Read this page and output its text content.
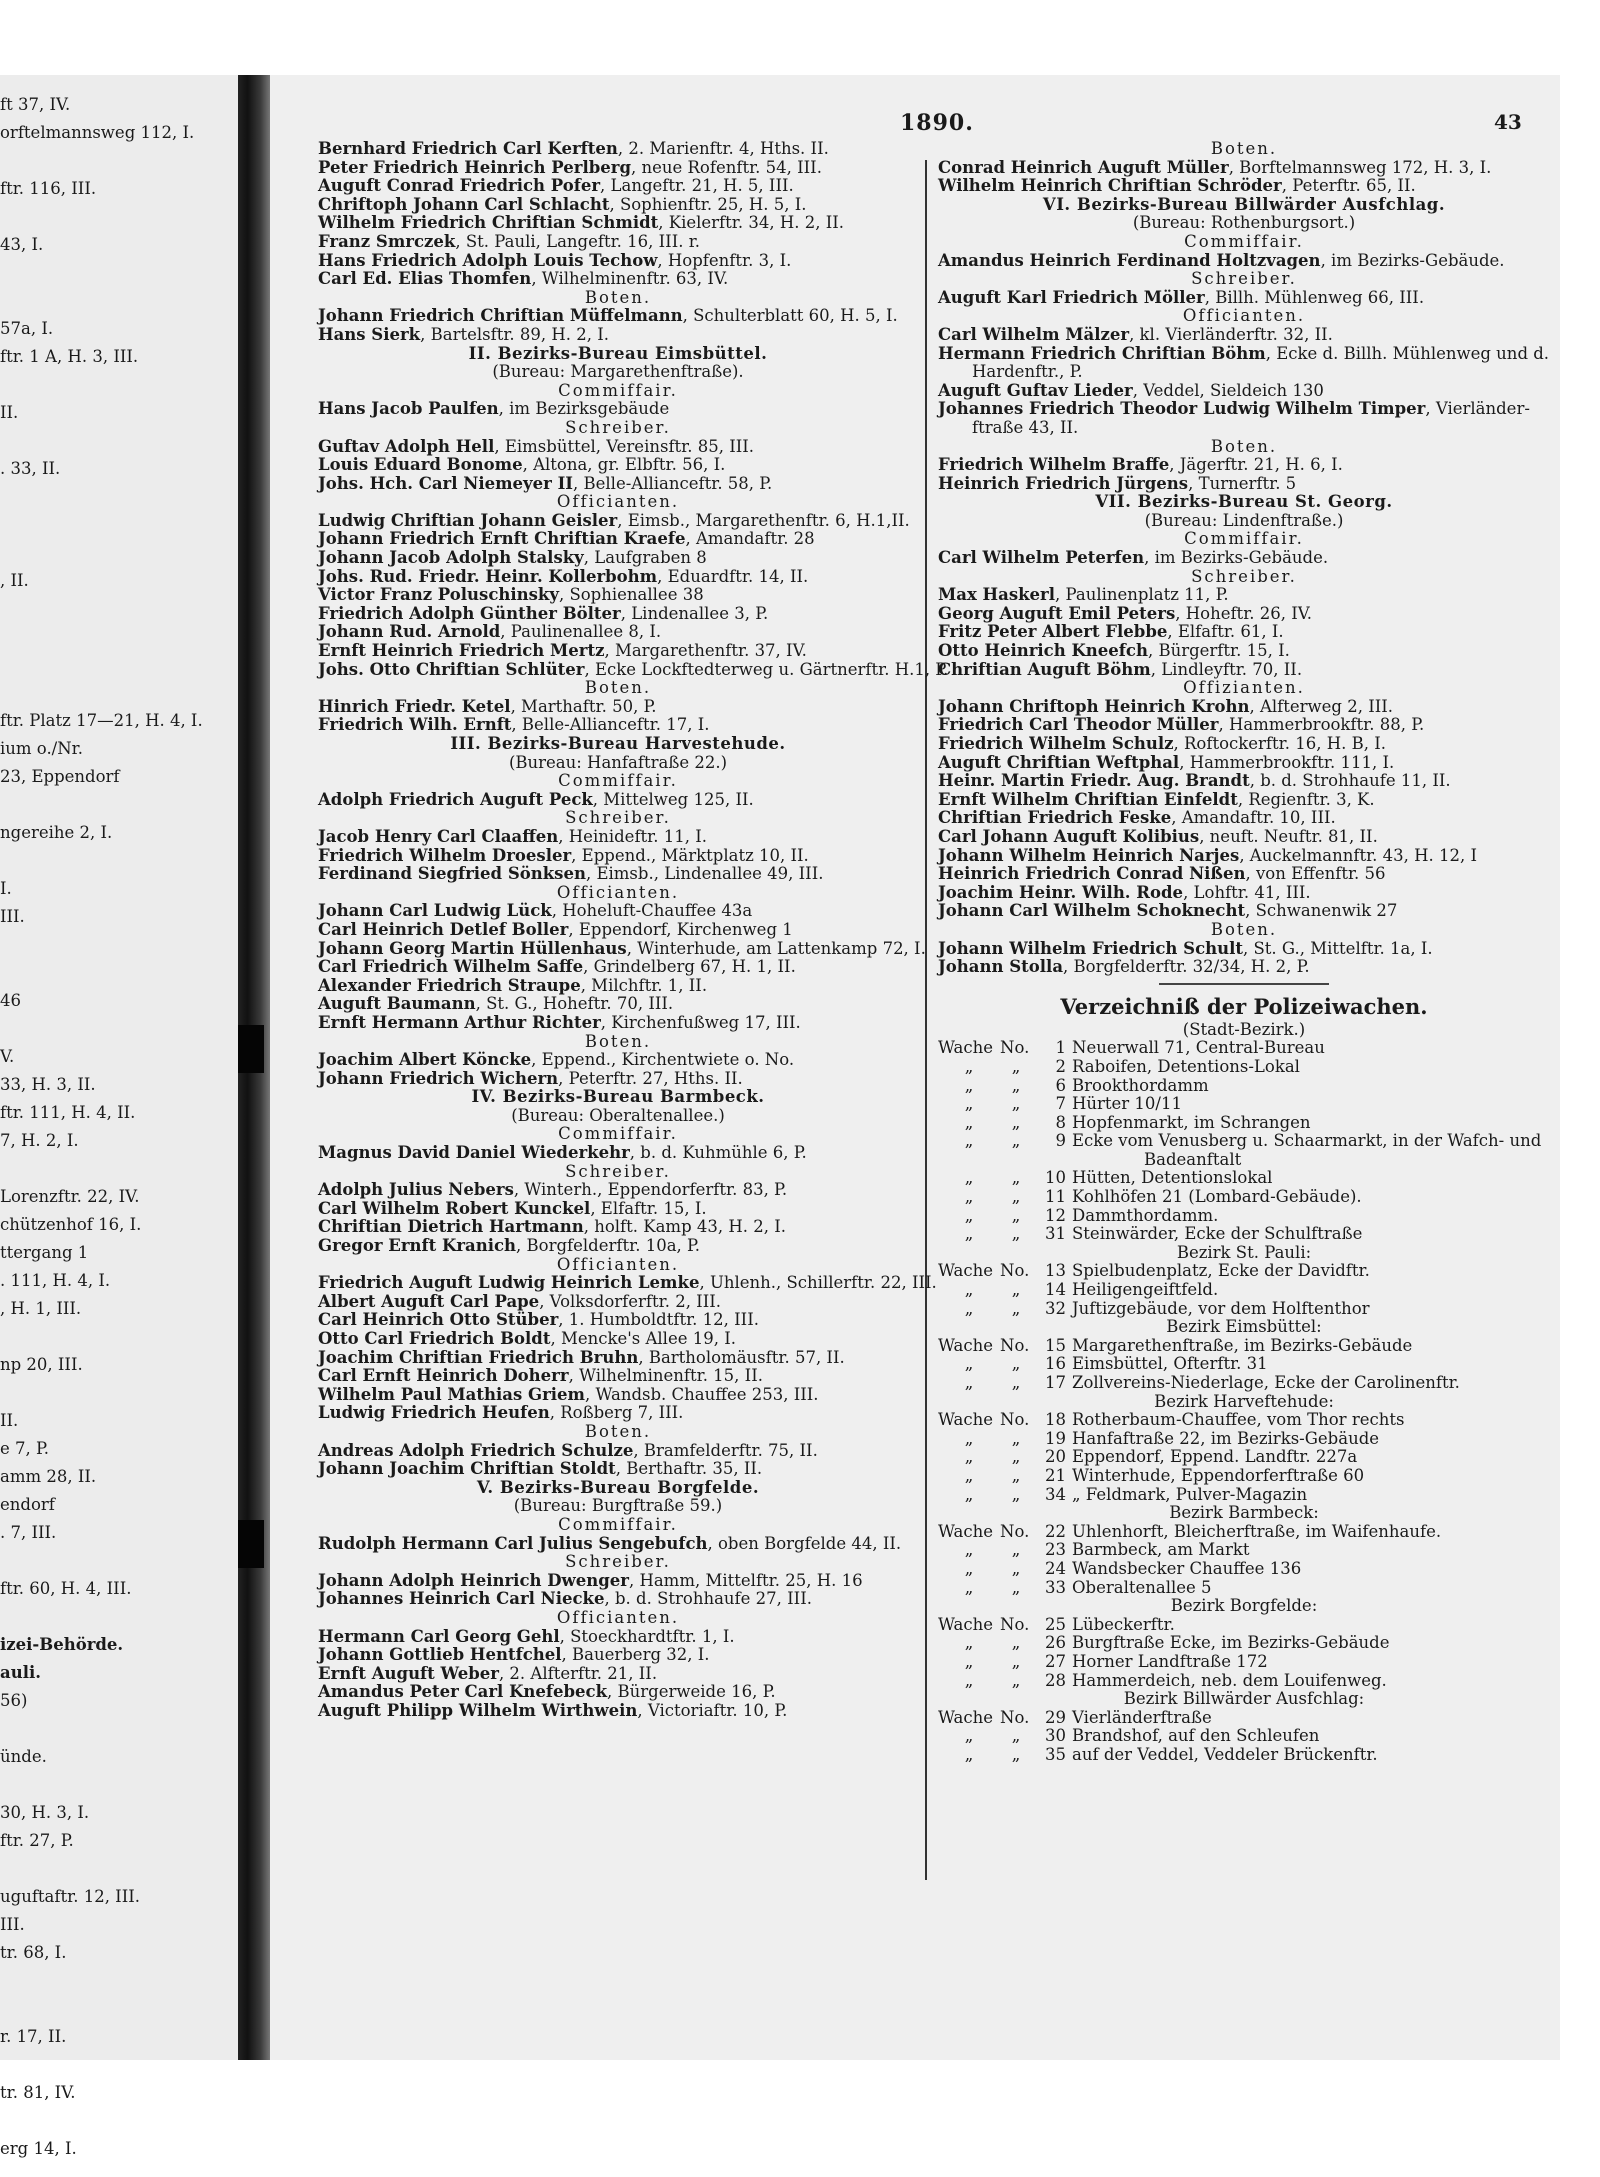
ft 37, IV.
orftelmannsweg 112, I.
ftr. 116, III.
43, I.
57a, I.
ftr. 1 A, H. 3, III.
II.
. 33, II.
, II.
ftr. Platz 17—21, H. 4, I.
ium o./Nr.
23, Eppendorf
ngereihe 2, I.
I.
III.
46
V.
33, H. 3, II.
ftr. 111, H. 4, II.
7, H. 2, I.
Lorenzftr. 22, IV.
chützenhof 16, I.
ttergang 1
. 111, H. 4, I.
, H. 1, III.
np 20, III.
II.
e 7, P.
amm 28, II.
endorf
. 7, III.
ftr. 60, H. 4, III.
izei-Behörde.
auli.
56)
ünde.
30, H. 3, I.
ftr. 27, P.
uguftaftr. 12, III.
III.
tr. 68, I.
r. 17, II.
tr. 81, IV.
erg 14, I.
1890.	43
Bernhard Friedrich Carl Kerften, 2. Marienftr. 4, Hths. II.
Peter Friedrich Heinrich Perlberg, neue Rofenftr. 54, III.
Auguft Conrad Friedrich Pofer, Langeftr. 21, H. 5, III.
Chriftoph Johann Carl Schlacht, Sophienftr. 25, H. 5, I.
Wilhelm Friedrich Chriftian Schmidt, Kielerftr. 34, H. 2, II.
Franz Smrczek, St. Pauli, Langeftr. 16, III. r.
Hans Friedrich Adolph Louis Techow, Hopfenftr. 3, I.
Carl Ed. Elias Thomfen, Wilhelminenftr. 63, IV.
Boten.
Johann Friedrich Chriftian Müffelmann, Schulterblatt 60, H. 5, I.
Hans Sierk, Bartelsftr. 89, H. 2, I.
II. Bezirks-Bureau Eimsbüttel.
(Bureau: Margarethenftraße).
Commiffair.
Hans Jacob Paulfen, im Bezirksgebäude
Schreiber.
Guftav Adolph Hell, Eimsbüttel, Vereinsftr. 85, III.
Louis Eduard Bonome, Altona, gr. Elbftr. 56, I.
Johs. Hch. Carl Niemeyer II, Belle-Allianceftr. 58, P.
Officianten.
Ludwig Chriftian Johann Geisler, Eimsb., Margarethenftr. 6, H.1,II.
Johann Friedrich Ernft Chriftian Kraefe, Amandaftr. 28
Johann Jacob Adolph Stalsky, Laufgraben 8
Johs. Rud. Friedr. Heinr. Kollerbohm, Eduardftr. 14, II.
Victor Franz Poluschinsky, Sophienallee 38
Friedrich Adolph Günther Bölter, Lindenallee 3, P.
Johann Rud. Arnold, Paulinenallee 8, I.
Ernft Heinrich Friedrich Mertz, Margarethenftr. 37, IV.
Johs. Otto Chriftian Schlüter, Ecke Lockftedterweg u. Gärtnerftr. H.1, P.
Boten.
Hinrich Friedr. Ketel, Marthaftr. 50, P.
Friedrich Wilh. Ernft, Belle-Allianceftr. 17, I.
III. Bezirks-Bureau Harvestehude.
(Bureau: Hanfaftraße 22.)
Commiffair.
Adolph Friedrich Auguft Peck, Mittelweg 125, II.
Schreiber.
Jacob Henry Carl Claaffen, Heinideftr. 11, I.
Friedrich Wilhelm Droesler, Eppend., Märktplatz 10, II.
Ferdinand Siegfried Sönksen, Eimsb., Lindenallee 49, III.
Officianten.
Johann Carl Ludwig Lück, Hoheluft-Chauffee 43a
Carl Heinrich Detlef Boller, Eppendorf, Kirchenweg 1
Johann Georg Martin Hüllenhaus, Winterhude, am Lattenkamp 72, I.
Carl Friedrich Wilhelm Saffe, Grindelberg 67, H. 1, II.
Alexander Friedrich Straupe, Milchftr. 1, II.
Auguft Baumann, St. G., Hoheftr. 70, III.
Ernft Hermann Arthur Richter, Kirchenfußweg 17, III.
Boten.
Joachim Albert Köncke, Eppend., Kirchentwiete o. No.
Johann Friedrich Wichern, Peterftr. 27, Hths. II.
IV. Bezirks-Bureau Barmbeck.
(Bureau: Oberaltenallee.)
Commiffair.
Magnus David Daniel Wiederkehr, b. d. Kuhmühle 6, P.
Schreiber.
Adolph Julius Nebers, Winterh., Eppendorferftr. 83, P.
Carl Wilhelm Robert Kunckel, Elfaftr. 15, I.
Chriftian Dietrich Hartmann, holft. Kamp 43, H. 2, I.
Gregor Ernft Kranich, Borgfelderftr. 10a, P.
Officianten.
Friedrich Auguft Ludwig Heinrich Lemke, Uhlenh., Schillerftr. 22, III.
Albert Auguft Carl Pape, Volksdorferftr. 2, III.
Carl Heinrich Otto Stüber, 1. Humboldtftr. 12, III.
Otto Carl Friedrich Boldt, Mencke's Allee 19, I.
Joachim Chriftian Friedrich Bruhn, Bartholomäusftr. 57, II.
Carl Ernft Heinrich Doherr, Wilhelminenftr. 15, II.
Wilhelm Paul Mathias Griem, Wandsb. Chauffee 253, III.
Ludwig Friedrich Heufen, Roßberg 7, III.
Boten.
Andreas Adolph Friedrich Schulze, Bramfelderftr. 75, II.
Johann Joachim Chriftian Stoldt, Berthaftr. 35, II.
V. Bezirks-Bureau Borgfelde.
(Bureau: Burgftraße 59.)
Commiffair.
Rudolph Hermann Carl Julius Sengebufch, oben Borgfelde 44, II.
Schreiber.
Johann Adolph Heinrich Dwenger, Hamm, Mittelftr. 25, H. 16
Johannes Heinrich Carl Niecke, b. d. Strohhaufe 27, III.
Officianten.
Hermann Carl Georg Gehl, Stoeckhardtftr. 1, I.
Johann Gottlieb Hentfchel, Bauerberg 32, I.
Ernft Auguft Weber, 2. Alfterftr. 21, II.
Amandus Peter Carl Knefebeck, Bürgerweide 16, P.
Auguft Philipp Wilhelm Wirthwein, Victoriaftr. 10, P.
Boten.
Conrad Heinrich Auguft Müller, Borftelmannsweg 172, H. 3, I.
Wilhelm Heinrich Chriftian Schröder, Peterftr. 65, II.
VI. Bezirks-Bureau Billwärder Ausfchlag.
(Bureau: Rothenburgsort.)
Commiffair.
Amandus Heinrich Ferdinand Holtzvagen, im Bezirks-Gebäude.
Schreiber.
Auguft Karl Friedrich Möller, Billh. Mühlenweg 66, III.
Officianten.
Carl Wilhelm Mälzer, kl. Vierländerftr. 32, II.
Hermann Friedrich Chriftian Böhm, Ecke d. Billh. Mühlenweg und d.
Hardenftr., P.
Auguft Guftav Lieder, Veddel, Sieldeich 130
Johannes Friedrich Theodor Ludwig Wilhelm Timper, Vierländer-
ftraße 43, II.
Boten.
Friedrich Wilhelm Braffe, Jägerftr. 21, H. 6, I.
Heinrich Friedrich Jürgens, Turnerftr. 5
VII. Bezirks-Bureau St. Georg.
(Bureau: Lindenftraße.)
Commiffair.
Carl Wilhelm Peterfen, im Bezirks-Gebäude.
Schreiber.
Max Haskerl, Paulinenplatz 11, P.
Georg Auguft Emil Peters, Hoheftr. 26, IV.
Fritz Peter Albert Flebbe, Elfaftr. 61, I.
Otto Heinrich Kneefch, Bürgerftr. 15, I.
Chriftian Auguft Böhm, Lindleyftr. 70, II.
Offizianten.
Johann Chriftoph Heinrich Krohn, Alfterweg 2, III.
Friedrich Carl Theodor Müller, Hammerbrookftr. 88, P.
Friedrich Wilhelm Schulz, Roftockerftr. 16, H. B, I.
Auguft Chriftian Weftphal, Hammerbrookftr. 111, I.
Heinr. Martin Friedr. Aug. Brandt, b. d. Strohhaufe 11, II.
Ernft Wilhelm Chriftian Einfeldt, Regienftr. 3, K.
Chriftian Friedrich Feske, Amandaftr. 10, III.
Carl Johann Auguft Kolibius, neuft. Neuftr. 81, II.
Johann Wilhelm Heinrich Narjes, Auckelmannftr. 43, H. 12, I
Heinrich Friedrich Conrad Nißen, von Effenftr. 56
Joachim Heinr. Wilh. Rode, Lohftr. 41, III.
Johann Carl Wilhelm Schoknecht, Schwanenwik 27
Boten.
Johann Wilhelm Friedrich Schult, St. G., Mittelftr. 1a, I.
Johann Stolla, Borgfelderftr. 32/34, H. 2, P.
Verzeichniß der Polizeiwachen.
(Stadt-Bezirk.)
Wache No. 1 Neuerwall 71, Central-Bureau
„ „ 2 Raboifen, Detentions-Lokal
„ „ 6 Brookthordamm
„ „ 7 Hürter 10/11
„ „ 8 Hopfenmarkt, im Schrangen
„ „ 9 Ecke vom Venusberg u. Schaarmarkt, in der Wafch- und
Badeanftalt
„ „ 10 Hütten, Detentionslokal
„ „ 11 Kohlhöfen 21 (Lombard-Gebäude).
„ „ 12 Dammthordamm.
„ „ 31 Steinwärder, Ecke der Schulftraße
Bezirk St. Pauli:
Wache No. 13 Spielbudenplatz, Ecke der Davidftr.
„ „ 14 Heiligengeiftfeld.
„ „ 32 Juftizgebäude, vor dem Holftenthor
Bezirk Eimsbüttel:
Wache No. 15 Margarethenftraße, im Bezirks-Gebäude
„ „ 16 Eimsbüttel, Ofterftr. 31
„ „ 17 Zollvereins-Niederlage, Ecke der Carolinenftr.
Bezirk Harveftehude:
Wache No. 18 Rotherbaum-Chauffee, vom Thor rechts
„ „ 19 Hanfaftraße 22, im Bezirks-Gebäude
„ „ 20 Eppendorf, Eppend. Landftr. 227a
„ „ 21 Winterhude, Eppendorferftraße 60
„ „ 34 „ Feldmark, Pulver-Magazin
Bezirk Barmbeck:
Wache No. 22 Uhlenhorft, Bleicherftraße, im Waifenhaufe.
„ „ 23 Barmbeck, am Markt
„ „ 24 Wandsbecker Chauffee 136
„ „ 33 Oberaltenallee 5
Bezirk Borgfelde:
Wache No. 25 Lübeckerftr.
„ „ 26 Burgftraße Ecke, im Bezirks-Gebäude
„ „ 27 Horner Landftraße 172
„ „ 28 Hammerdeich, neb. dem Louifenweg.
Bezirk Billwärder Ausfchlag:
Wache No. 29 Vierländerftraße
„ „ 30 Brandshof, auf den Schleufen
„ „ 35 auf der Veddel, Veddeler Brückenftr.
